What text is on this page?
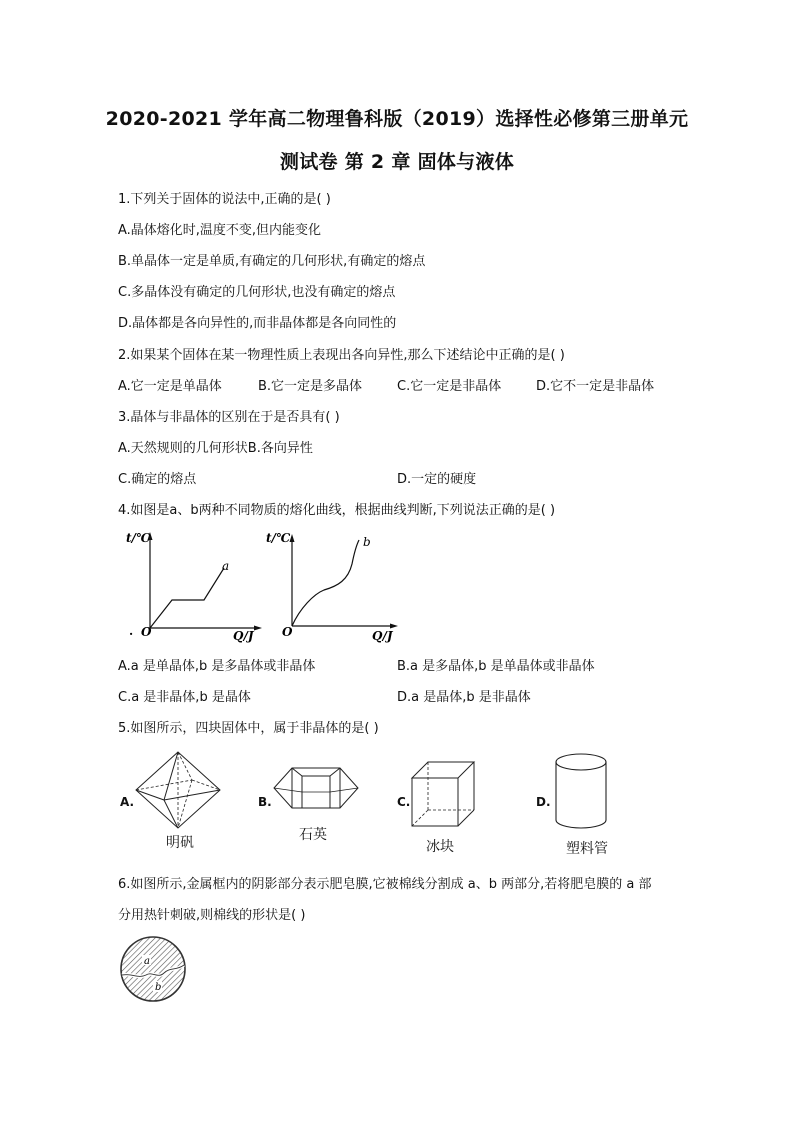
2020-2021 学年高二物理鲁科版（2019）选择性必修第三册单元
测试卷 第 2 章 固体与液体
1.下列关于固体的说法中,正确的是( )
A.晶体熔化时,温度不变,但内能变化
B.单晶体一定是单质,有确定的几何形状,有确定的熔点
C.多晶体没有确定的几何形状,也没有确定的熔点
D.晶体都是各向异性的,而非晶体都是各向同性的
2.如果某个固体在某一物理性质上表现出各向异性,那么下述结论中正确的是( )
A.它一定是单晶体	B.它一定是多晶体	C.它一定是非晶体	D.它不一定是非晶体
3.晶体与非晶体的区别在于是否具有( )
A.天然规则的几何形状B.各向异性
C.确定的熔点	D.一定的硬度
4.如图是a、b两种不同物质的熔化曲线，根据曲线判断,下列说法正确的是( )
t/℃
O
.	Q/J
a
t/℃
O	Q/J
b
A.a 是单晶体,b 是多晶体或非晶体	B.a 是多晶体,b 是单晶体或非晶体
C.a 是非晶体,b 是晶体	D.a 是晶体,b 是非晶体
5.如图所示，四块固体中，属于非晶体的是( )
A.
明矾
B.
石英
C.
冰块
D.
塑料管
6.如图所示,金属框内的阴影部分表示肥皂膜,它被棉线分割成 a、b 两部分,若将肥皂膜的 a 部
分用热针刺破,则棉线的形状是( )
a
b
